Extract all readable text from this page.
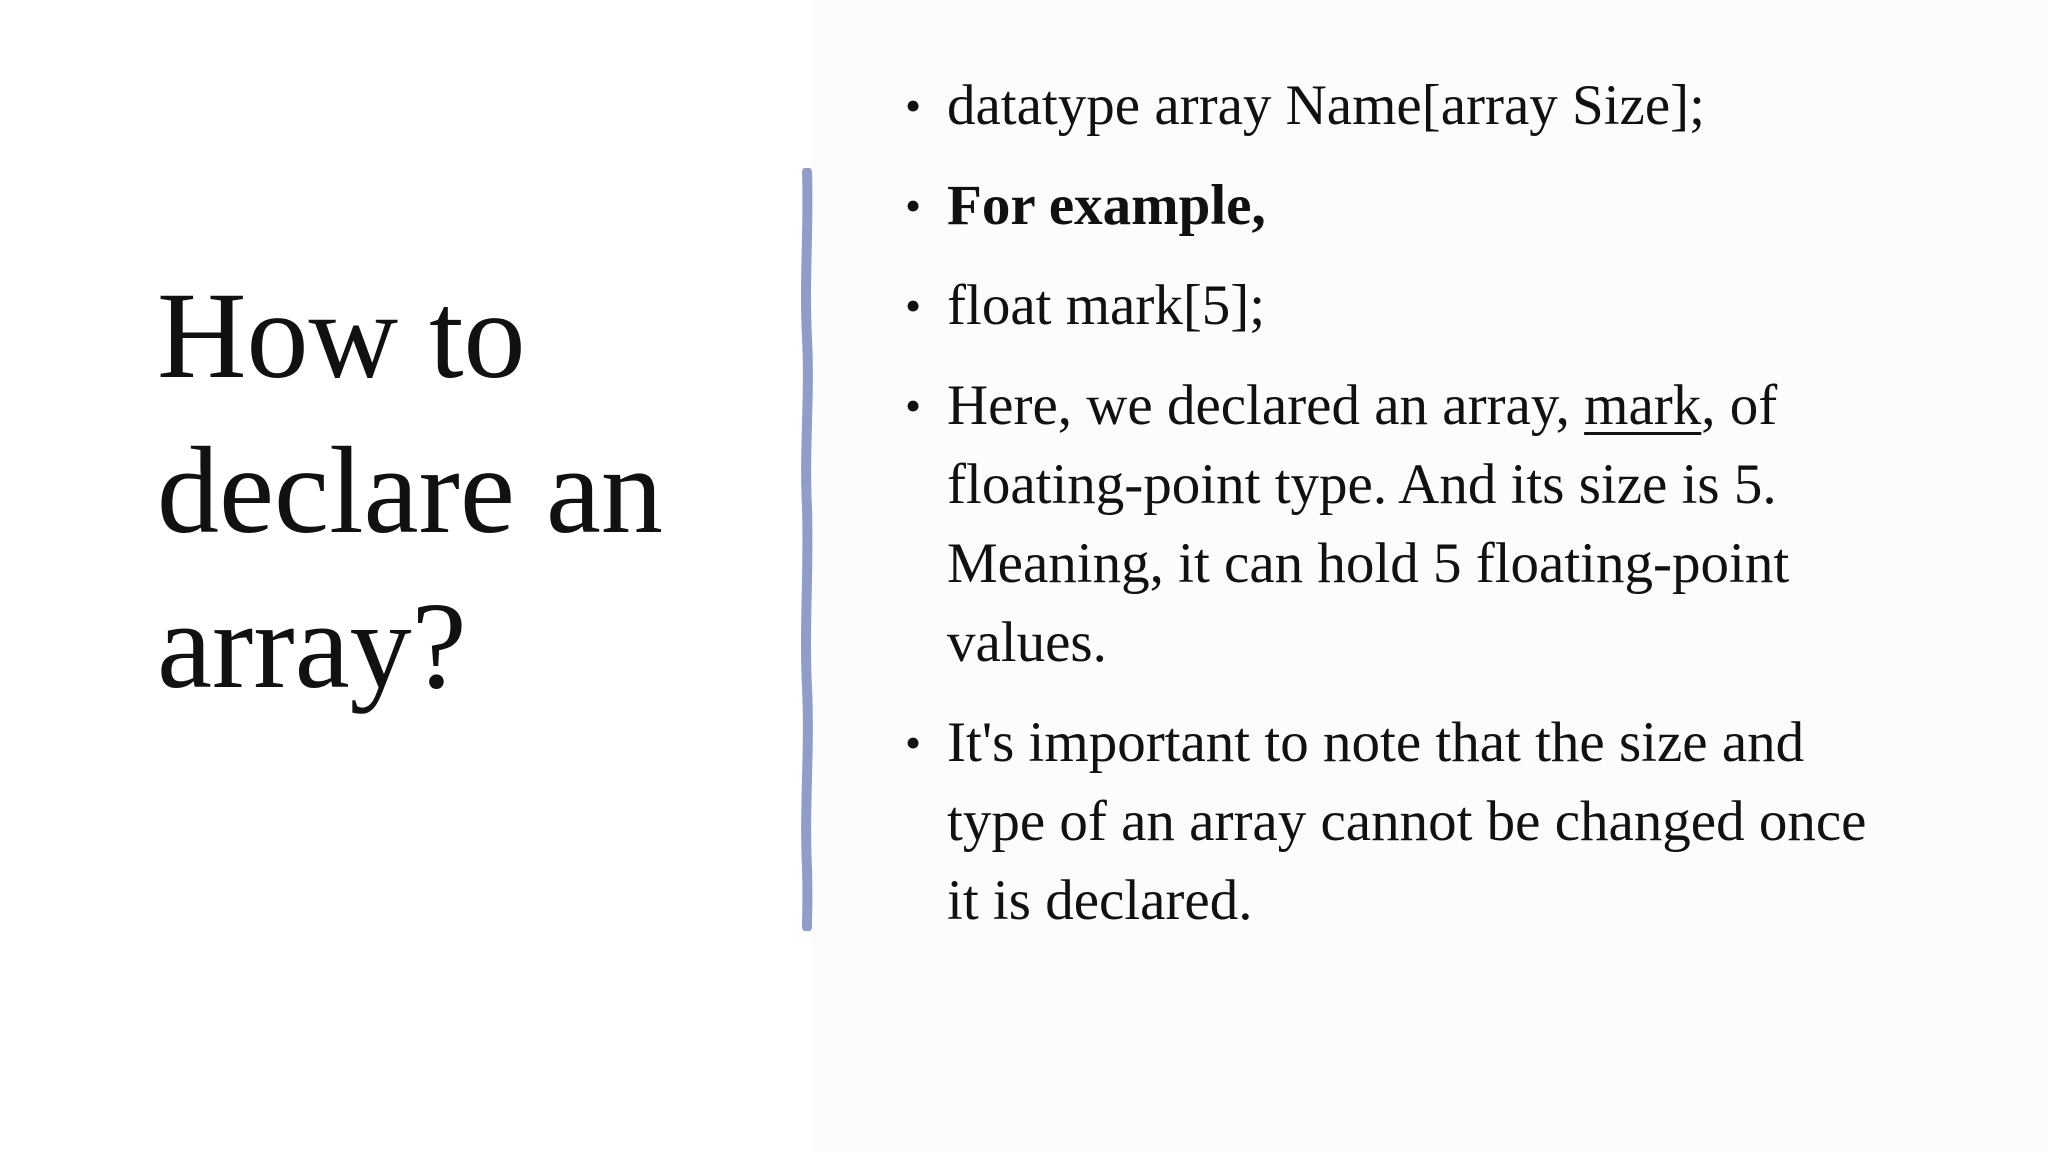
How to declare an array?
• datatype array Name[array Size];
• For example,
• float mark[5];
• Here, we declared an array, mark, of floating-point type. And its size is 5. Meaning, it can hold 5 floating-point values.
• It's important to note that the size and type of an array cannot be changed once it is declared.
